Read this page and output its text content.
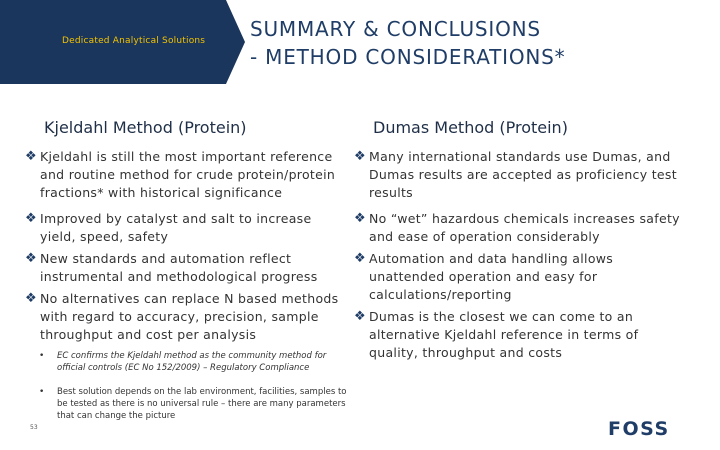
Dedicated Analytical Solutions	SUMMARY & CONCLUSIONS
- METHOD CONSIDERATIONS*
Kjeldahl Method (Protein)	Dumas Method (Protein)
❖ Kjeldahl is still the most important reference and routine method for crude protein/protein fractions* with historical significance

❖ Improved by catalyst and salt to increase yield, speed, safety

❖ New standards and automation reflect instrumental and methodological progress

❖ No alternatives can replace N based methods with regard to accuracy, precision, sample throughput and cost per analysis

• EC confirms the Kjeldahl method as the community method for official controls (EC No 152/2009) – Regulatory Compliance

• Best solution depends on the lab environment, facilities, samples to be tested as there is no universal rule – there are many parameters that can change the picture

❖ Many international standards use Dumas, and Dumas results are accepted as proficiency test results

❖ No “wet” hazardous chemicals increases safety and ease of operation considerably

❖ Automation and data handling allows unattended operation and easy for calculations/reporting

❖ Dumas is the closest we can come to an alternative Kjeldahl reference in terms of quality, throughput and costs

53	FOSS
